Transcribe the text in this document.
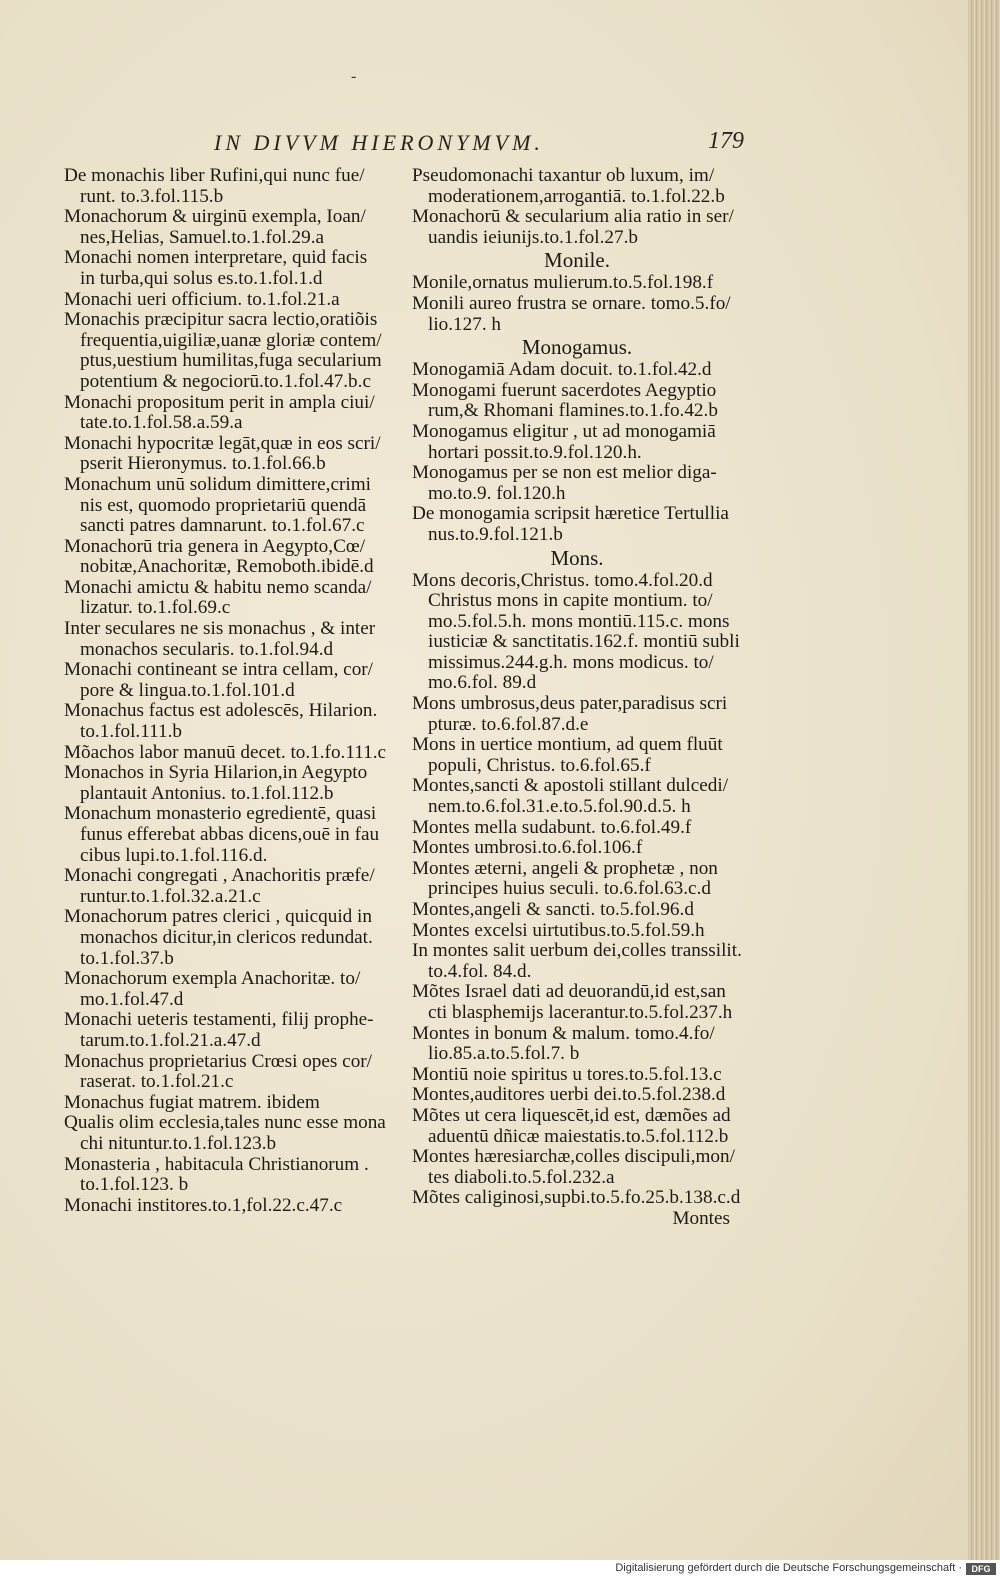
-
IN DIVVM HIERONYMVM.	179
De monachis liber Rufini,qui nunc fue/
runt. to.3.fol.115.b
Monachorum & uirginū exempla, Ioan/
nes,Helias, Samuel.to.1.fol.29.a
Monachi nomen interpretare, quid facis
in turba,qui solus es.to.1.fol.1.d
Monachi ueri officium. to.1.fol.21.a
Monachis præcipitur sacra lectio,oratiõis
frequentia,uigiliæ,uanæ gloriæ contem/
ptus,uestium humilitas,fuga secularium
potentium & negociorū.to.1.fol.47.b.c
Monachi propositum perit in ampla ciui/
tate.to.1.fol.58.a.59.a
Monachi hypocritæ legāt,quæ in eos scri/
pserit Hieronymus. to.1.fol.66.b
Monachum unū solidum dimittere,crimi
nis est, quomodo proprietariū quendā
sancti patres damnarunt. to.1.fol.67.c
Monachorū tria genera in Aegypto,Cœ/
nobitæ,Anachoritæ, Remoboth.ibidē.d
Monachi amictu & habitu nemo scanda/
lizatur. to.1.fol.69.c
Inter seculares ne sis monachus , & inter
monachos secularis. to.1.fol.94.d
Monachi contineant se intra cellam, cor/
pore & lingua.to.1.fol.101.d
Monachus factus est adolescēs, Hilarion.
to.1.fol.111.b
Mõachos labor manuū decet. to.1.fo.111.c
Monachos in Syria Hilarion,in Aegypto
plantauit Antonius. to.1.fol.112.b
Monachum monasterio egredientē, quasi
funus efferebat abbas dicens,ouē in fau
cibus lupi.to.1.fol.116.d.
Monachi congregati , Anachoritis præfe/
runtur.to.1.fol.32.a.21.c
Monachorum patres clerici , quicquid in
monachos dicitur,in clericos redundat.
to.1.fol.37.b
Monachorum exempla Anachoritæ. to/
mo.1.fol.47.d
Monachi ueteris testamenti, filij prophe-
tarum.to.1.fol.21.a.47.d
Monachus proprietarius Crœsi opes cor/
raserat. to.1.fol.21.c
Monachus fugiat matrem. ibidem
Qualis olim ecclesia,tales nunc esse mona
chi nituntur.to.1.fol.123.b
Monasteria , habitacula Christianorum .
to.1.fol.123. b
Monachi institores.to.1,fol.22.c.47.c
Pseudomonachi taxantur ob luxum, im/
moderationem,arrogantiā. to.1.fol.22.b
Monachorū & secularium alia ratio in ser/
uandis ieiunijs.to.1.fol.27.b
Monile.
Monile,ornatus mulierum.to.5.fol.198.f
Monili aureo frustra se ornare. tomo.5.fo/
lio.127. h
Monogamus.
Monogamiā Adam docuit. to.1.fol.42.d
Monogami fuerunt sacerdotes Aegyptio
rum,& Rhomani flamines.to.1.fo.42.b
Monogamus eligitur , ut ad monogamiā
hortari possit.to.9.fol.120.h.
Monogamus per se non est melior diga-
mo.to.9. fol.120.h
De monogamia scripsit hæretice Tertullia
nus.to.9.fol.121.b
Mons.
Mons decoris,Christus. tomo.4.fol.20.d
Christus mons in capite montium. to/
mo.5.fol.5.h. mons montiū.115.c. mons
iusticiæ & sanctitatis.162.f. montiū subli
missimus.244.g.h. mons modicus. to/
mo.6.fol. 89.d
Mons umbrosus,deus pater,paradisus scri
pturæ. to.6.fol.87.d.e
Mons in uertice montium, ad quem fluūt
populi, Christus. to.6.fol.65.f
Montes,sancti & apostoli stillant dulcedi/
nem.to.6.fol.31.e.to.5.fol.90.d.5. h
Montes mella sudabunt. to.6.fol.49.f
Montes umbrosi.to.6.fol.106.f
Montes æterni, angeli & prophetæ , non
principes huius seculi. to.6.fol.63.c.d
Montes,angeli & sancti. to.5.fol.96.d
Montes excelsi uirtutibus.to.5.fol.59.h
In montes salit uerbum dei,colles transsilit.
to.4.fol. 84.d.
Mõtes Israel dati ad deuorandū,id est,san
cti blasphemijs lacerantur.to.5.fol.237.h
Montes in bonum & malum. tomo.4.fo/
lio.85.a.to.5.fol.7. b
Montiū noie spiritus u tores.to.5.fol.13.c
Montes,auditores uerbi dei.to.5.fol.238.d
Mõtes ut cera liquescēt,id est, dæmões ad
aduentū dñicæ maiestatis.to.5.fol.112.b
Montes hæresiarchæ,colles discipuli,mon/
tes diaboli.to.5.fol.232.a
Mõtes caliginosi,supbi.to.5.fo.25.b.138.c.d
Montes
Digitalisierung gefördert durch die Deutsche Forschungsgemeinschaft ·	DFG
